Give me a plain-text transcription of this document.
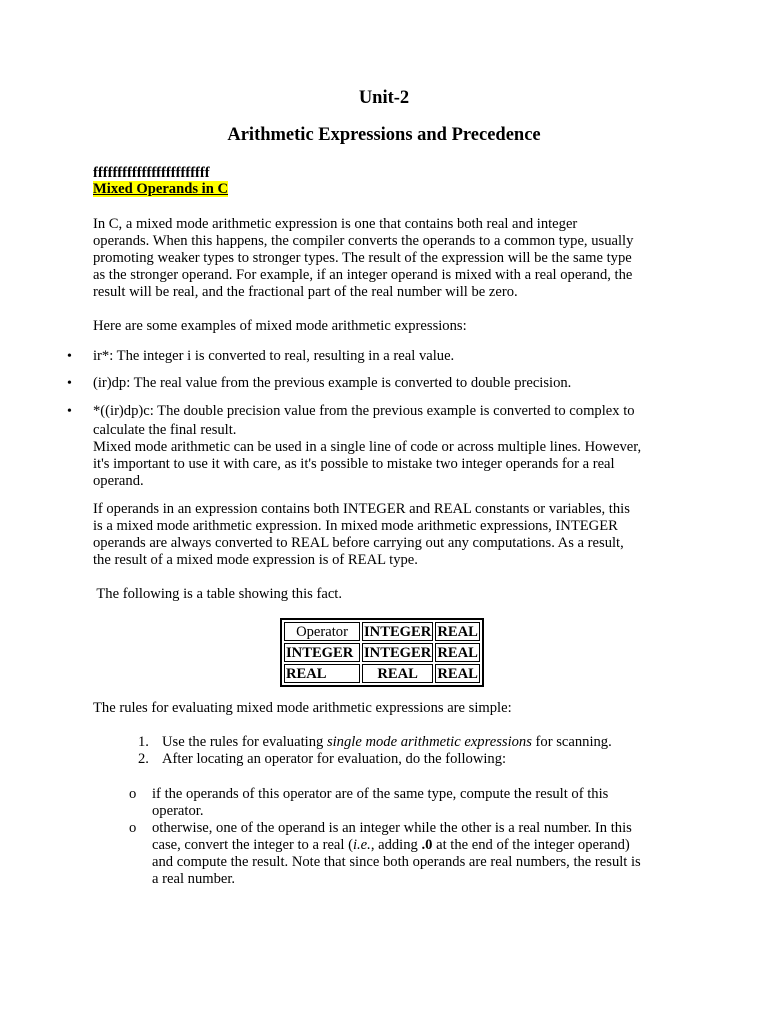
Unit-2
Arithmetic Expressions and Precedence
ffffffffffffffffffffffff
Mixed Operands in C
In C, a mixed mode arithmetic expression is one that contains both real and integer
operands. When this happens, the compiler converts the operands to a common type, usually
promoting weaker types to stronger types. The result of the expression will be the same type
as the stronger operand. For example, if an integer operand is mixed with a real operand, the
result will be real, and the fractional part of the real number will be zero.
Here are some examples of mixed mode arithmetic expressions:
• ir*: The integer i is converted to real, resulting in a real value.
• (ir)dp: The real value from the previous example is converted to double precision.
• *((ir)dp)c: The double precision value from the previous example is converted to complex to
calculate the final result.
Mixed mode arithmetic can be used in a single line of code or across multiple lines. However,
it's important to use it with care, as it's possible to mistake two integer operands for a real
operand.
If operands in an expression contains both INTEGER and REAL constants or variables, this
is a mixed mode arithmetic expression. In mixed mode arithmetic expressions, INTEGER
operands are always converted to REAL before carrying out any computations. As a result,
the result of a mixed mode expression is of REAL type.
The following is a table showing this fact.
Operator	INTEGER	REAL
INTEGER	INTEGER	REAL
REAL	REAL	REAL
The rules for evaluating mixed mode arithmetic expressions are simple:
1. Use the rules for evaluating single mode arithmetic expressions for scanning.
2. After locating an operator for evaluation, do the following:
o if the operands of this operator are of the same type, compute the result of this
operator.
o otherwise, one of the operand is an integer while the other is a real number. In this
case, convert the integer to a real (i.e., adding .0 at the end of the integer operand)
and compute the result. Note that since both operands are real numbers, the result is
a real number.
